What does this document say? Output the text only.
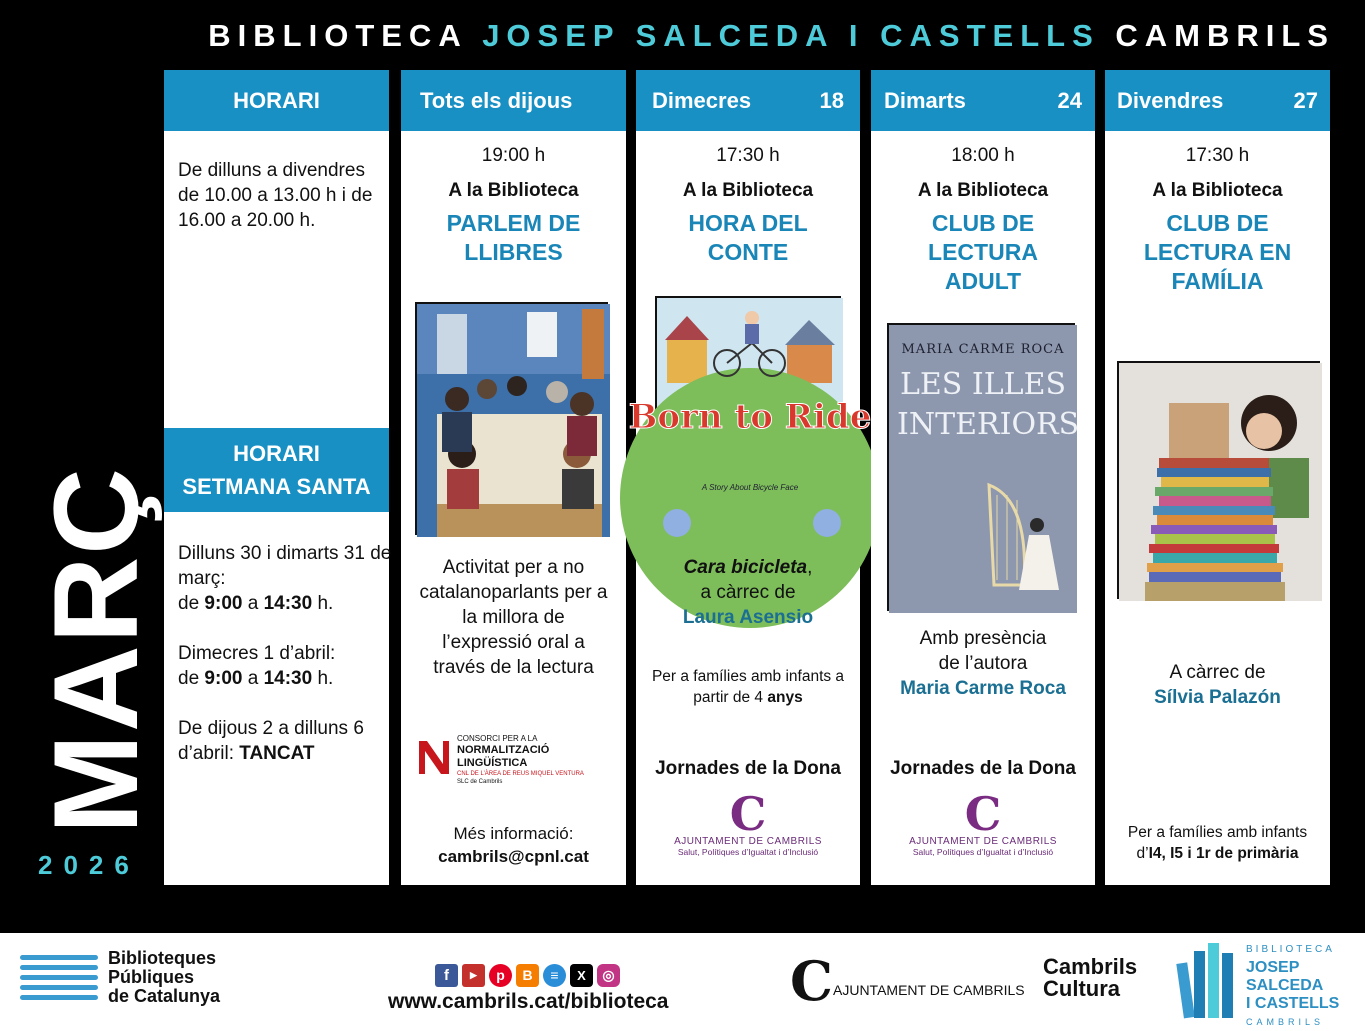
BIBLIOTECA JOSEP SALCEDA I CASTELLS CAMBRILS
MARÇ
2026
HORARI
De dilluns a divendres
de 10.00 a 13.00 h i de 16.00 a 20.00 h.
HORARI
SETMANA SANTA
Dilluns 30 i dimarts 31 de març:
de 9:00 a 14:30 h.
Dimecres 1 d’abril:
de 9:00 a 14:30 h.
De dijous 2 a dilluns 6 d’abril: TANCAT
Tots els dijous
19:00 h
A la Biblioteca
PARLEM DE LLIBRES
Activitat per a no catalanoparlants per a la millora de l’expressió oral a través de la lectura
CONSORCI PER A LA
NORMALITZACIÓ
LINGÜÍSTICA
CNL DE L’ÀREA DE REUS MIQUEL VENTURA
SLC de Cambrils
Més informació:
cambrils@cpnl.cat
Dimecres	18
17:30 h
A la Biblioteca
HORA DEL CONTE
Born to Ride
A Story About Bicycle Face
Cara bicicleta,
a càrrec de
Laura Asensio
Per a famílies amb infants a partir de 4 anys
Jornades de la Dona
C
AJUNTAMENT DE CAMBRILS
Salut, Polítiques d’Igualtat i d’Inclusió
Dimarts	24
18:00 h
A la Biblioteca
CLUB DE LECTURA ADULT
MARIA CARME ROCA
LES ILLES INTERIORS
Amb presència de l’autora
Maria Carme Roca
Jornades de la Dona
C
AJUNTAMENT DE CAMBRILS
Salut, Polítiques d’Igualtat i d’Inclusió
Divendres	27
17:30 h
A la Biblioteca
CLUB DE LECTURA EN FAMÍLIA
A càrrec de
Sílvia Palazón
Per a famílies amb infants
d’I4, I5 i 1r de primària
Biblioteques
Públiques
de Catalunya
f	▶	p	B	≡	X	◎
www.cambrils.cat/biblioteca C AJUNTAMENT DE CAMBRILS
Cambrils
Cultura
BIBLIOTECA
JOSEP
SALCEDA
I CASTELLS
CAMBRILS
